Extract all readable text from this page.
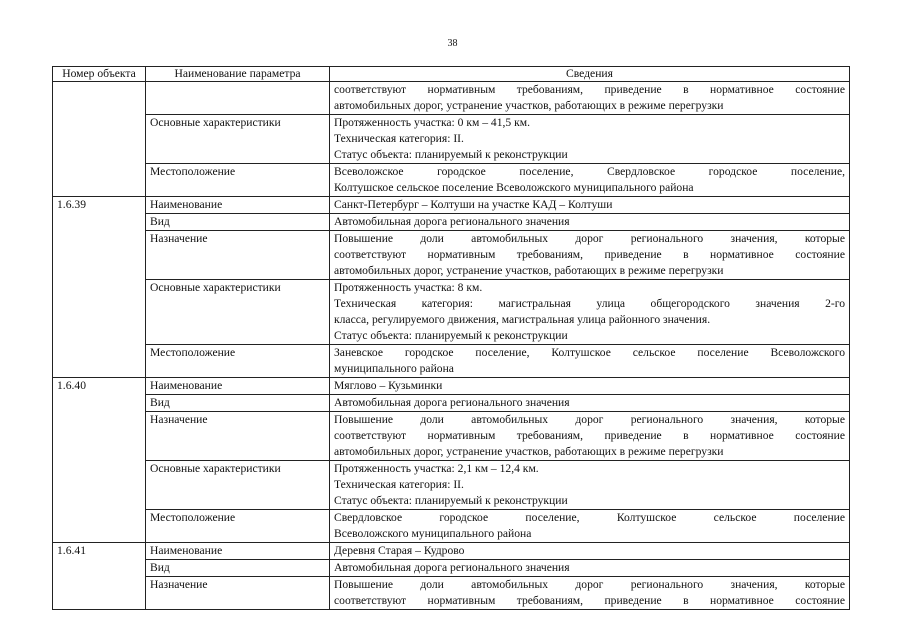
38
Номер объекта	Наименование параметра	Сведения

		соответствуют нормативным требованиям, приведение в нормативное состояние
автомобильных дорог, устранение участков, работающих в режиме перегрузки

	Основные характеристики	Протяженность участка: 0 км – 41,5 км.
Техническая категория: II.
Статус объекта: планируемый к реконструкции

	Местоположение	Всеволожское городское поселение, Свердловское городское поселение,
Колтушское сельское поселение Всеволожского муниципального района

1.6.39	Наименование	Санкт-Петербург – Колтуши на участке КАД – Колтуши
	Вид	Автомобильная дорога регионального значения
	Назначение	Повышение доли автомобильных дорог регионального значения, которые
соответствуют нормативным требованиям, приведение в нормативное состояние
автомобильных дорог, устранение участков, работающих в режиме перегрузки

	Основные характеристики	Протяженность участка: 8 км.
Техническая категория: магистральная улица общегородского значения 2-го
класса, регулируемого движения, магистральная улица районного значения.
Статус объекта: планируемый к реконструкции

	Местоположение	Заневское городское поселение, Колтушское сельское поселение Всеволожского
муниципального района

1.6.40	Наименование	Мяглово – Кузьминки
	Вид	Автомобильная дорога регионального значения
	Назначение	Повышение доли автомобильных дорог регионального значения, которые
соответствуют нормативным требованиям, приведение в нормативное состояние
автомобильных дорог, устранение участков, работающих в режиме перегрузки

	Основные характеристики	Протяженность участка: 2,1 км – 12,4 км.
Техническая категория: II.
Статус объекта: планируемый к реконструкции

	Местоположение	Свердловское городское поселение, Колтушское сельское поселение
Всеволожского муниципального района

1.6.41	Наименование	Деревня Старая – Кудрово
	Вид	Автомобильная дорога регионального значения
	Назначение	Повышение доли автомобильных дорог регионального значения, которые
соответствуют нормативным требованиям, приведение в нормативное состояние
